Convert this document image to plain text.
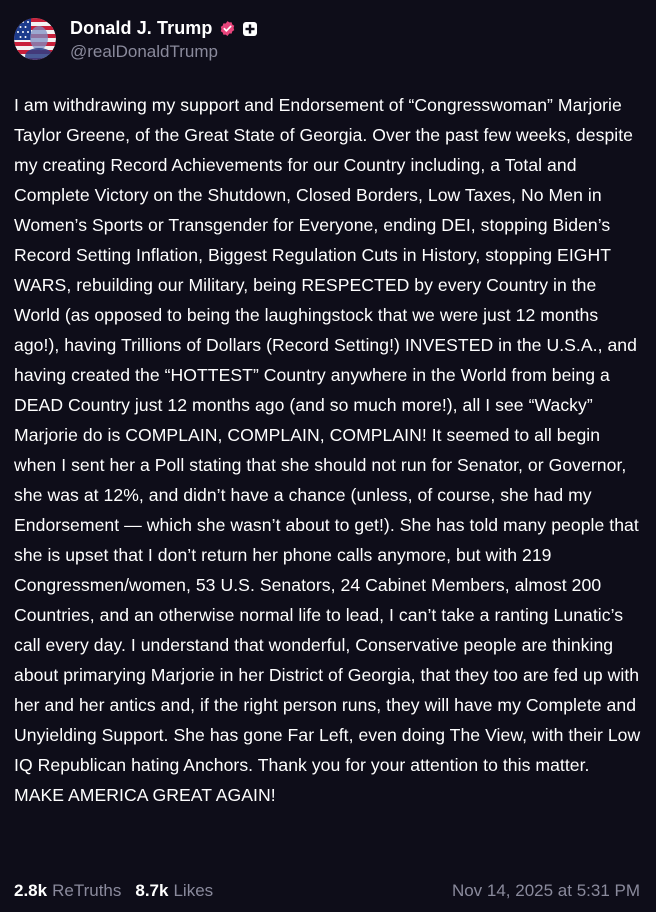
Donald J. Trump
@realDonaldTrump
I am withdrawing my support and Endorsement of “Congresswoman” Marjorie Taylor Greene, of the Great State of Georgia. Over the past few weeks, despite my creating Record Achievements for our Country including, a Total and Complete Victory on the Shutdown, Closed Borders, Low Taxes, No Men in Women’s Sports or Transgender for Everyone, ending DEI, stopping Biden’s Record Setting Inflation, Biggest Regulation Cuts in History, stopping EIGHT WARS, rebuilding our Military, being RESPECTED by every Country in the World (as opposed to being the laughingstock that we were just 12 months ago!), having Trillions of Dollars (Record Setting!) INVESTED in the U.S.A., and having created the “HOTTEST” Country anywhere in the World from being a DEAD Country just 12 months ago (and so much more!), all I see “Wacky” Marjorie do is COMPLAIN, COMPLAIN, COMPLAIN! It seemed to all begin when I sent her a Poll stating that she should not run for Senator, or Governor, she was at 12%, and didn’t have a chance (unless, of course, she had my Endorsement — which she wasn’t about to get!). She has told many people that she is upset that I don’t return her phone calls anymore, but with 219 Congressmen/women, 53 U.S. Senators, 24 Cabinet Members, almost 200 Countries, and an otherwise normal life to lead, I can’t take a ranting Lunatic’s call every day. I understand that wonderful, Conservative people are thinking about primarying Marjorie in her District of Georgia, that they too are fed up with her and her antics and, if the right person runs, they will have my Complete and Unyielding Support. She has gone Far Left, even doing The View, with their Low IQ Republican hating Anchors. Thank you for your attention to this matter.
MAKE AMERICA GREAT AGAIN!
2.8k ReTruths 8.7k Likes	Nov 14, 2025 at 5:31 PM
